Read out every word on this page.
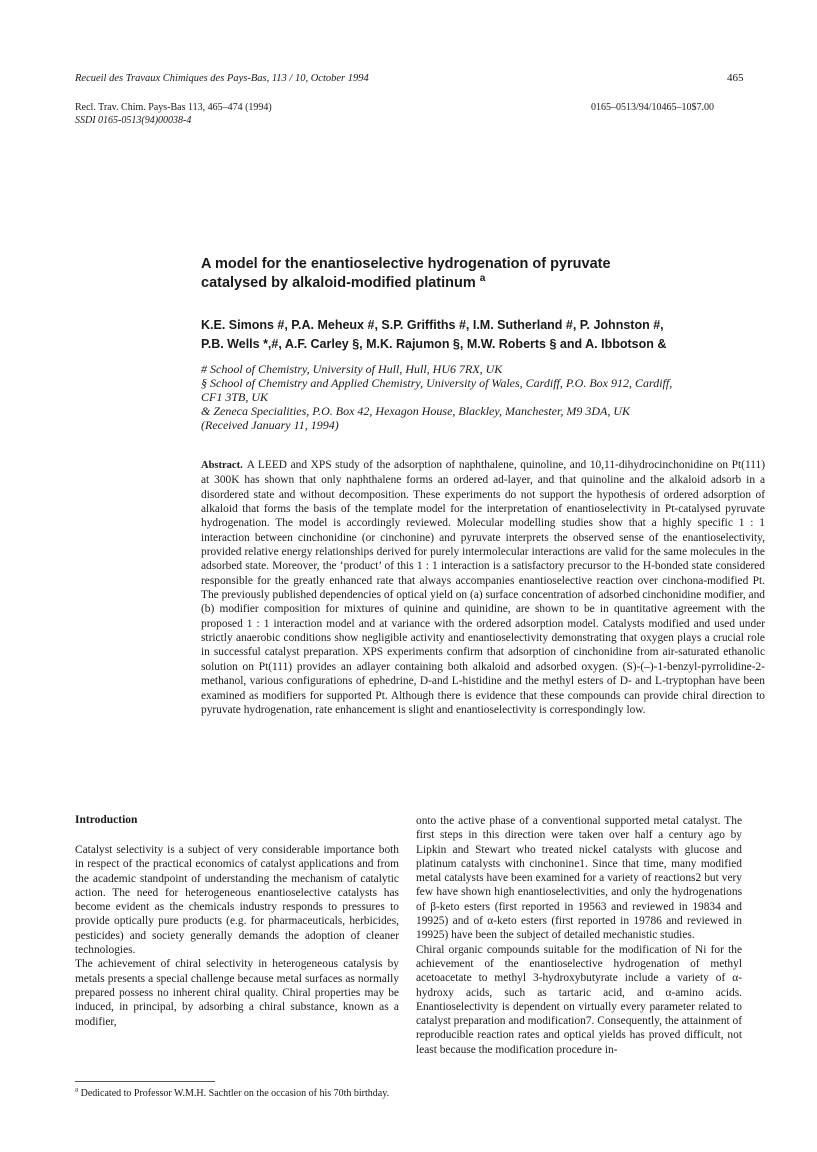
Recueil des Travaux Chimiques des Pays-Bas, 113 / 10, October 1994	465
Recl. Trav. Chim. Pays-Bas 113, 465–474 (1994)
SSDI 0165-0513(94)00038-4
0165–0513/94/10465–10$7.00
A model for the enantioselective hydrogenation of pyruvate
catalysed by alkaloid-modified platinum $^a$
K.E. Simons #, P.A. Meheux #, S.P. Griffiths #, I.M. Sutherland #, P. Johnston #,
P.B. Wells *,#, A.F. Carley §, M.K. Rajumon §, M.W. Roberts § and A. Ibbotson &
# School of Chemistry, University of Hull, Hull, HU6 7RX, UK
§ School of Chemistry and Applied Chemistry, University of Wales, Cardiff, P.O. Box 912, Cardiff,
CF1 3TB, UK
& Zeneca Specialities, P.O. Box 42, Hexagon House, Blackley, Manchester, M9 3DA, UK
(Received January 11, 1994)
Abstract. A LEED and XPS study of the adsorption of naphthalene, quinoline, and 10,11-dihydrocinchonidine on Pt(111) at 300K has shown that only naphthalene forms an ordered ad-layer, and that quinoline and the alkaloid adsorb in a disordered state and without decomposition. These experiments do not support the hypothesis of ordered adsorption of alkaloid that forms the basis of the template model for the interpretation of enantioselectivity in Pt-catalysed pyruvate hydrogenation. The model is accordingly reviewed. Molecular modelling studies show that a highly specific 1 : 1 interaction between cinchonidine (or cinchonine) and pyruvate interprets the observed sense of the enantioselectivity, provided relative energy relationships derived for purely intermolecular interactions are valid for the same molecules in the adsorbed state. Moreover, the ‘product’ of this 1 : 1 interaction is a satisfactory precursor to the H-bonded state considered responsible for the greatly enhanced rate that always accompanies enantioselective reaction over cinchona-modified Pt. The previously published dependencies of optical yield on (a) surface concentration of adsorbed cinchonidine modifier, and (b) modifier composition for mixtures of quinine and quinidine, are shown to be in quantitative agreement with the proposed 1 : 1 interaction model and at variance with the ordered adsorption model. Catalysts modified and used under strictly anaerobic conditions show negligible activity and enantioselectivity demonstrating that oxygen plays a crucial role in successful catalyst preparation. XPS experiments confirm that adsorption of cinchonidine from air-saturated ethanolic solution on Pt(111) provides an adlayer containing both alkaloid and adsorbed oxygen. (S)-(–)-1-benzyl-pyrrolidine-2-methanol, various configurations of ephedrine, D-and L-histidine and the methyl esters of D- and L-tryptophan have been examined as modifiers for supported Pt. Although there is evidence that these compounds can provide chiral direction to pyruvate hydrogenation, rate enhancement is slight and enantioselectivity is correspondingly low.
Introduction

Catalyst selectivity is a subject of very considerable importance both in respect of the practical economics of catalyst applications and from the academic standpoint of understanding the mechanism of catalytic action. The need for heterogeneous enantioselective catalysts has become evident as the chemicals industry responds to pressures to provide optically pure products (e.g. for pharmaceuticals, herbicides, pesticides) and society generally demands the adoption of cleaner technologies.

The achievement of chiral selectivity in heterogeneous catalysis by metals presents a special challenge because metal surfaces as normally prepared possess no inherent chiral quality. Chiral properties may be induced, in principal, by adsorbing a chiral substance, known as a modifier,

onto the active phase of a conventional supported metal catalyst. The first steps in this direction were taken over half a century ago by Lipkin and Stewart who treated nickel catalysts with glucose and platinum catalysts with cinchonine1. Since that time, many modified metal catalysts have been examined for a variety of reactions2 but very few have shown high enantioselectivities, and only the hydrogenations of β-keto esters (first reported in 19563 and reviewed in 19834 and 19925) and of α-keto esters (first reported in 19786 and reviewed in 19925) have been the subject of detailed mechanistic studies.

Chiral organic compounds suitable for the modification of Ni for the achievement of the enantioselective hydrogenation of methyl acetoacetate to methyl 3-hydroxybutyrate include a variety of α-hydroxy acids, such as tartaric acid, and α-amino acids. Enantioselectivity is dependent on virtually every parameter related to catalyst preparation and modification7. Consequently, the attainment of reproducible reaction rates and optical yields has proved difficult, not least because the modification procedure in-

$^a$ Dedicated to Professor W.M.H. Sachtler on the occasion of his 70th birthday.
